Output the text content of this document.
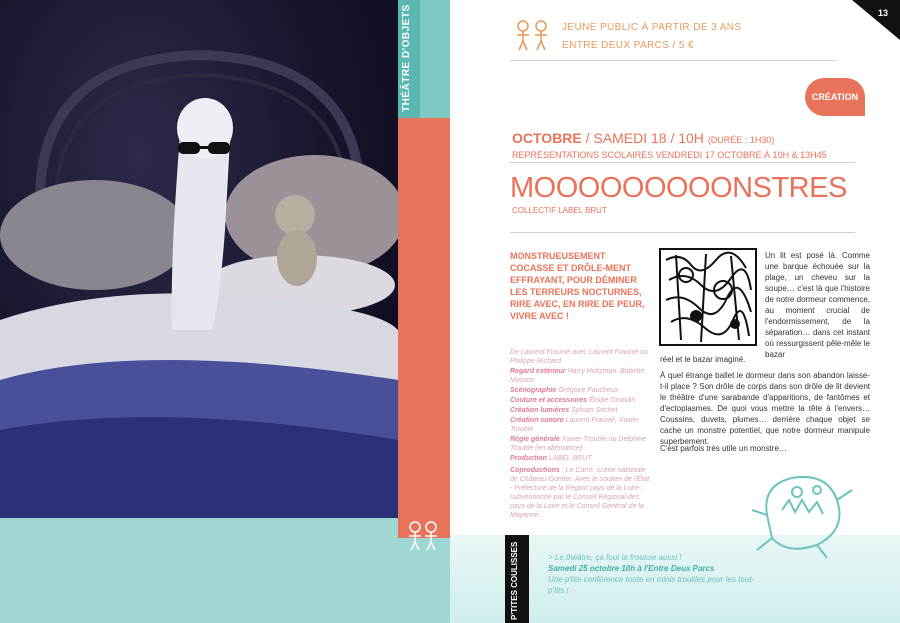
THÉÂTRE D'OBJETS	13
JEUNE PUBLIC À PARTIR DE 3 ANS
ENTRE DEUX PARCS / 5 €
CRÉATION
OCTOBRE / SAMEDI 18 / 10H (DURÉE : 1H30)
REPRÉSENTATIONS SCOLAIRES VENDREDI 17 OCTOBRE À 10H & 13H45
MOOOOOOOOONSTRES
COLLECTIF LABEL BRUT
MONSTRUEUSEMENT COCASSE ET DRÔLE-MENT EFFRAYANT, POUR DÉMINER LES TERREURS NOCTURNES, RIRE AVEC, EN RIRE DE PEUR, VIVRE AVEC !
De Laurent Fraunié avec Laurent Fraunié ou Philippe Richard
Regard extérieur Harry Holtzman, Babette Masson
Scénographie Grégoire Faucheux
Couture et accessoires Élodie Grondin
Création lumières Sylvain Séchet
Création sonore Laurent Fraunié, Xavier Trouble
Régie générale Xavier Trouble ou Delphine Trouble (en alternance)
Production LABEL BRUT
Coproductions : Le Carré, scène nationale de Château-Gontier. Avec le soutien de l'État - Préfecture de la Région pays de la Loire ; subventionné par le Conseil Régional des pays de la Loire et le Conseil Général de la Mayenne.
Un lit est posé là. Comme une barque échouée sur la plage, un cheveu sur la soupe… c'est là que l'histoire de notre dormeur commence, au moment crucial de l'endormissement, de la séparation… dans cet instant où ressurgissent pêle-mêle le bazar
réel et le bazar imaginé.
À quel étrange ballet le dormeur dans son abandon laisse-t-il place ? Son drôle de corps dans son drôle de lit devient le théâtre d'une sarabande d'apparitions, de fantômes et d'ectoplasmes. De quoi vous mettre la tête à l'envers… Coussins, duvets, plumes… derrière chaque objet se cache un monstre potentiel, que notre dormeur manipule superbement.
C'est parfois très utile un monstre…
P'TITES COULISSES	> Le théâtre, ça fout la frousse aussi !
Samedi 25 octobre 10h à l'Entre Deux Parcs
Une p'tite conférence toute en minis trouilles pour les tout-p'tits !
